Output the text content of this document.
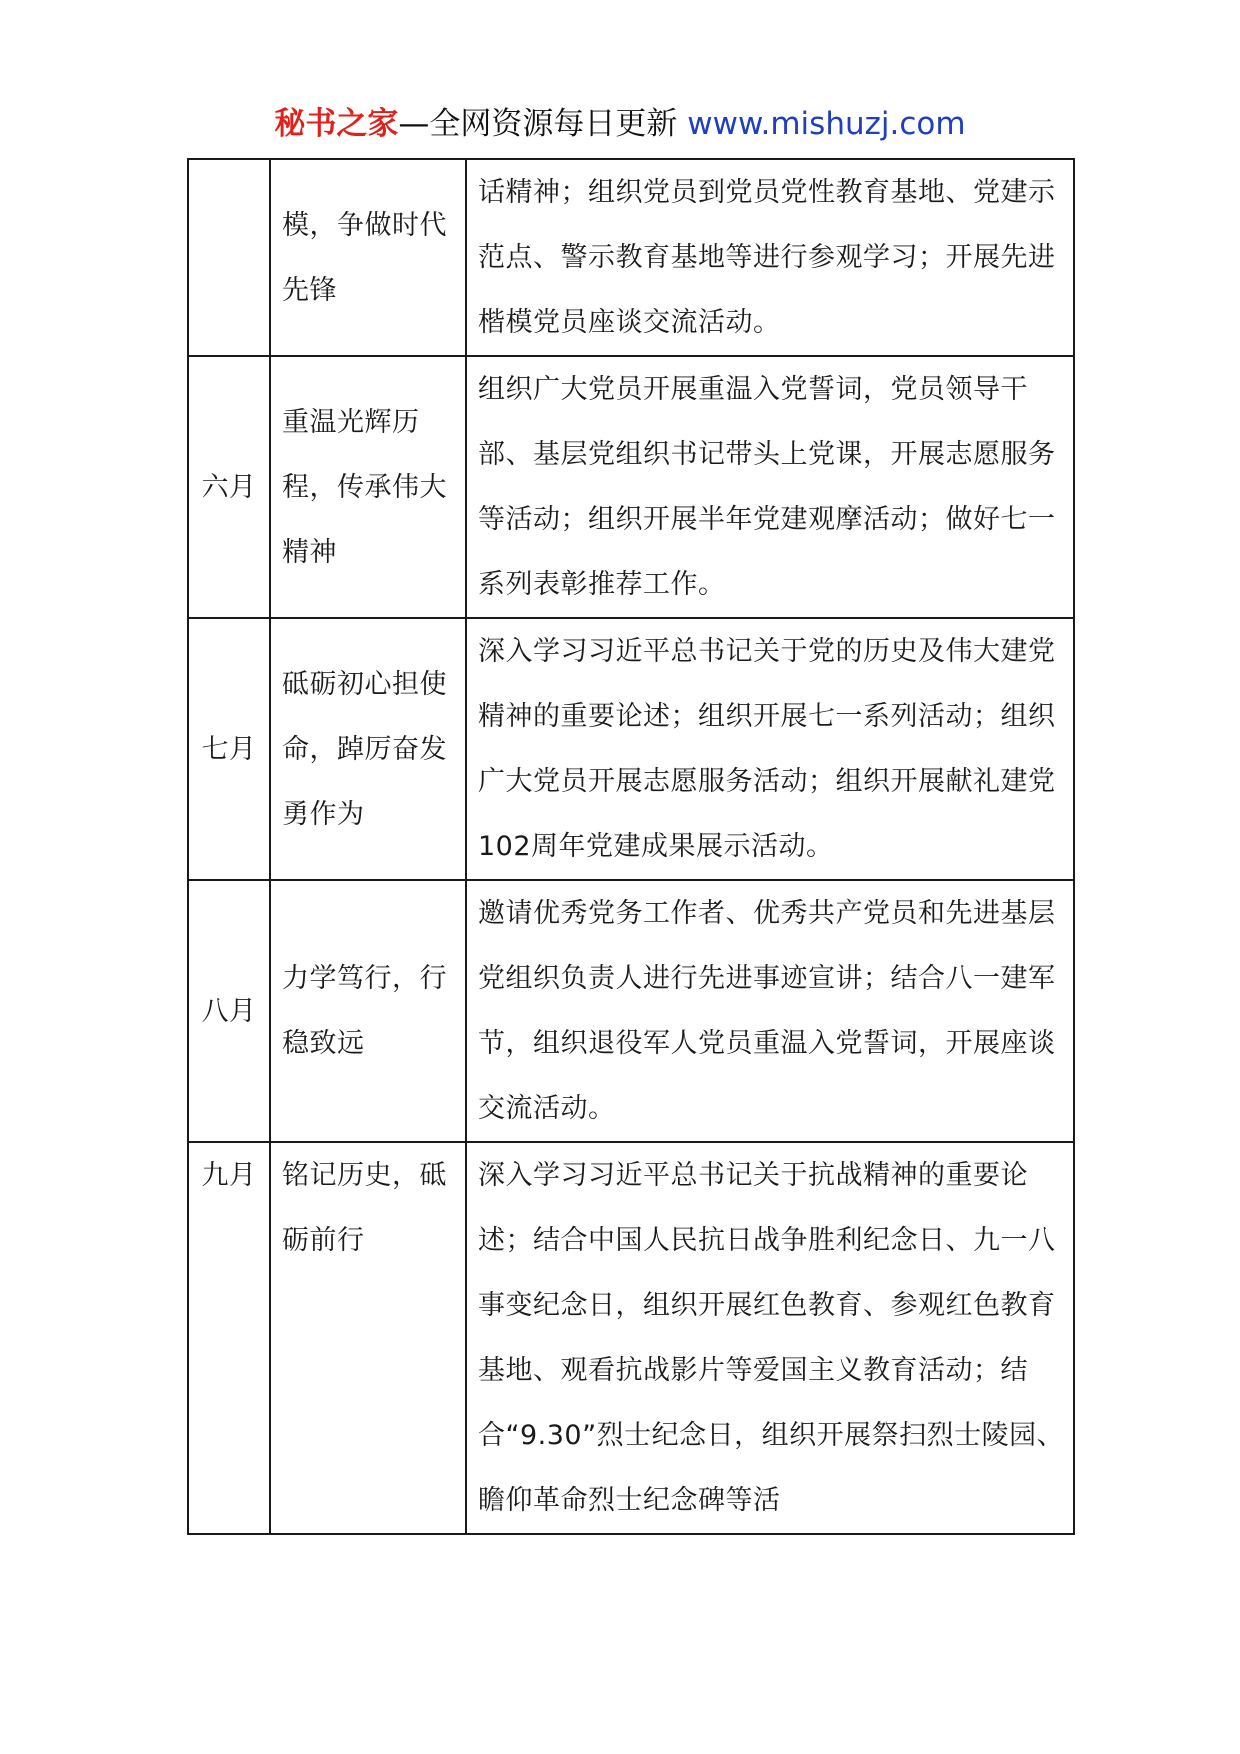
秘书之家—全网资源每日更新 www.mishuzj.com
	模，争做时代先锋	话精神；组织党员到党员党性教育基地、党建示范点、警示教育基地等进行参观学习；开展先进楷模党员座谈交流活动。
六月	重温光辉历程，传承伟大精神	组织广大党员开展重温入党誓词，党员领导干部、基层党组织书记带头上党课，开展志愿服务等活动；组织开展半年党建观摩活动；做好七一系列表彰推荐工作。
七月	砥砺初心担使命，踔厉奋发勇作为	深入学习习近平总书记关于党的历史及伟大建党精神的重要论述；组织开展七一系列活动；组织广大党员开展志愿服务活动；组织开展献礼建党102周年党建成果展示活动。
八月	力学笃行，行稳致远	邀请优秀党务工作者、优秀共产党员和先进基层党组织负责人进行先进事迹宣讲；结合八一建军节，组织退役军人党员重温入党誓词，开展座谈交流活动。
九月	铭记历史，砥砺前行	深入学习习近平总书记关于抗战精神的重要论述；结合中国人民抗日战争胜利纪念日、九一八事变纪念日，组织开展红色教育、参观红色教育基地、观看抗战影片等爱国主义教育活动；结合“9.30”烈士纪念日，组织开展祭扫烈士陵园、瞻仰革命烈士纪念碑等活
